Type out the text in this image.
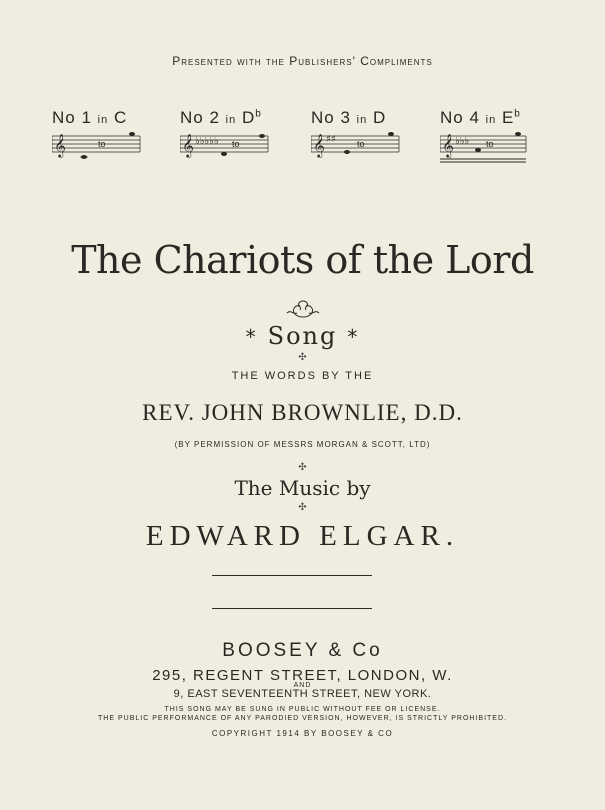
Presented with the Publishers' Compliments
No 1 in C
𝄞	to
No 2 in $D^b$
𝄞 ♭♭♭♭♭ to
No 3 in D
𝄞 ♯♯ to
No 4 in $E^b$
𝄞 ♭♭♭ to
The Chariots of the Lord
* Song *
✣
THE WORDS BY THE
REV. JOHN BROWNLIE, D.D.
(BY PERMISSION OF MESSRS MORGAN & SCOTT, LTD)
✣
The Music by
✣
EDWARD ELGAR.
BOOSEY & Co
295, REGENT STREET, LONDON, W.
AND
9, EAST SEVENTEENTH STREET, NEW YORK.
THIS SONG MAY BE SUNG IN PUBLIC WITHOUT FEE OR LICENSE.
THE PUBLIC PERFORMANCE OF ANY PARODIED VERSION, HOWEVER, IS STRICTLY PROHIBITED.
COPYRIGHT 1914 BY BOOSEY & CO
